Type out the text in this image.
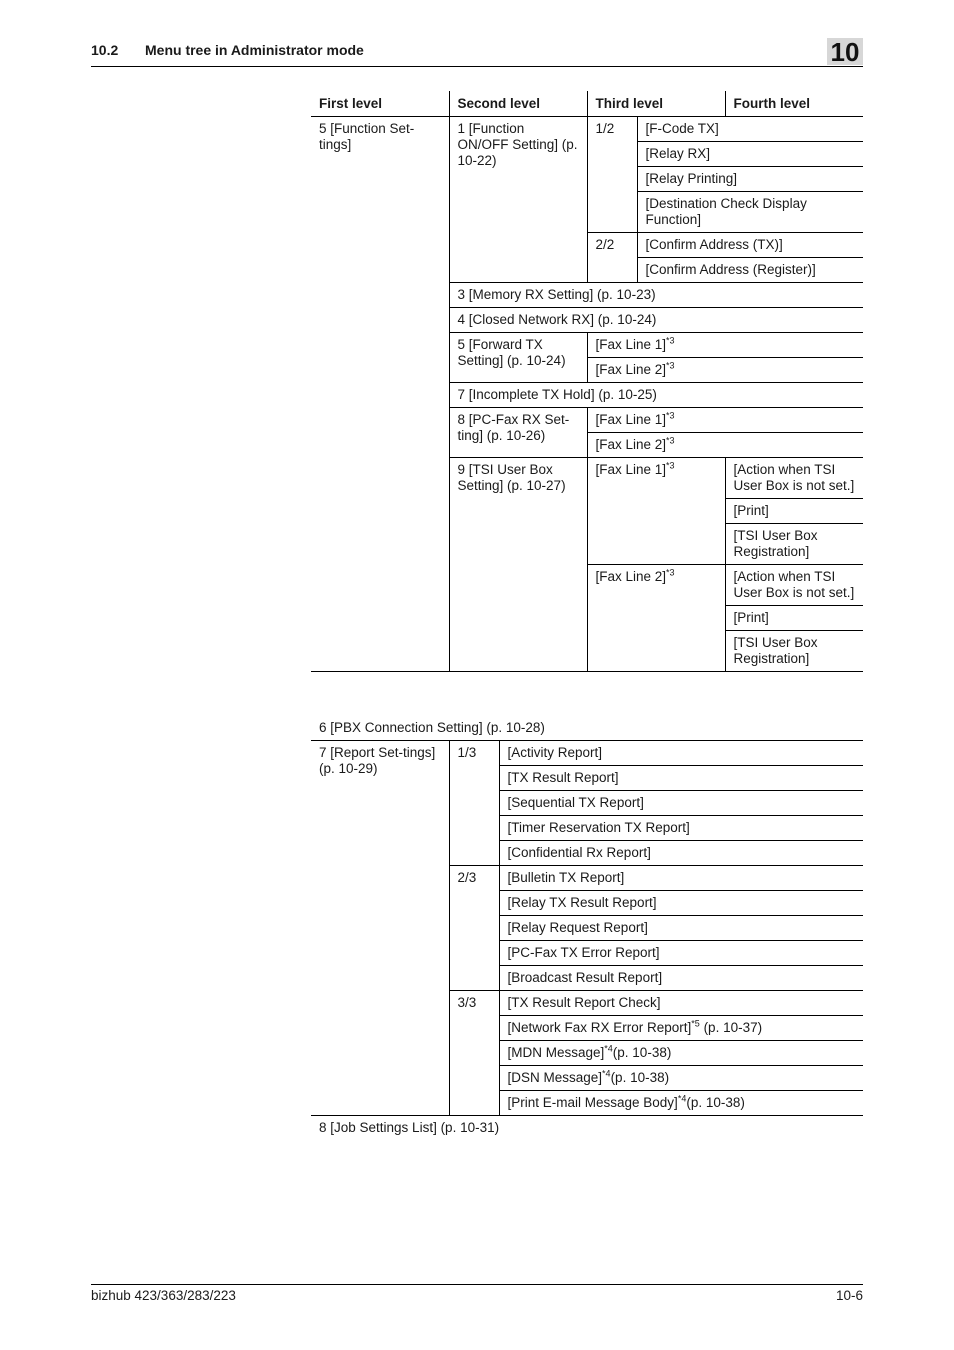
10.2 Menu tree in Administrator mode	10
First level	Second level	Third level		Fourth level
5 [Function Set-tings]	1 [Function ON/OFF Setting] (p. 10-22)	1/2	[F-Code TX]	
			[Relay RX]	
			[Relay Printing]	
			[Destination Check Display Function]	
		2/2	[Confirm Address (TX)]	
			[Confirm Address (Register)]	
	3 [Memory RX Setting] (p. 10-23)			
	4 [Closed Network RX] (p. 10-24)			
	5 [Forward TX Setting] (p. 10-24)	[Fax Line 1]$^{*3}$
		[Fax Line 2]$^{*3}$
	7 [Incomplete TX Hold] (p. 10-25)			
	8 [PC-Fax RX Set-ting] (p. 10-26)	[Fax Line 1]$^{*3}$
		[Fax Line 2]$^{*3}$
	9 [TSI User Box Setting] (p. 10-27)	[Fax Line 1]$^{*3}$		[Action when TSI User Box is not set.]
				[Print]
				[TSI User Box Registration]
		[Fax Line 2]$^{*3}$		[Action when TSI User Box is not set.]
				[Print]
				[TSI User Box Registration]
6 [PBX Connection Setting] (p. 10-28)		
7 [Report Set-tings] (p. 10-29)	1/3	[Activity Report]
		[TX Result Report]
		[Sequential TX Report]
		[Timer Reservation TX Report]
		[Confidential Rx Report]
	2/3	[Bulletin TX Report]
		[Relay TX Result Report]
		[Relay Request Report]
		[PC-Fax TX Error Report]
		[Broadcast Result Report]
	3/3	[TX Result Report Check]
		[Network Fax RX Error Report]$^{*5}$ (p. 10-37)
		[MDN Message]$^{*4}$(p. 10-38)
		[DSN Message]$^{*4}$(p. 10-38)
		[Print E-mail Message Body]$^{*4}$(p. 10-38)
8 [Job Settings List] (p. 10-31)		
bizhub 423/363/283/223	10-6
